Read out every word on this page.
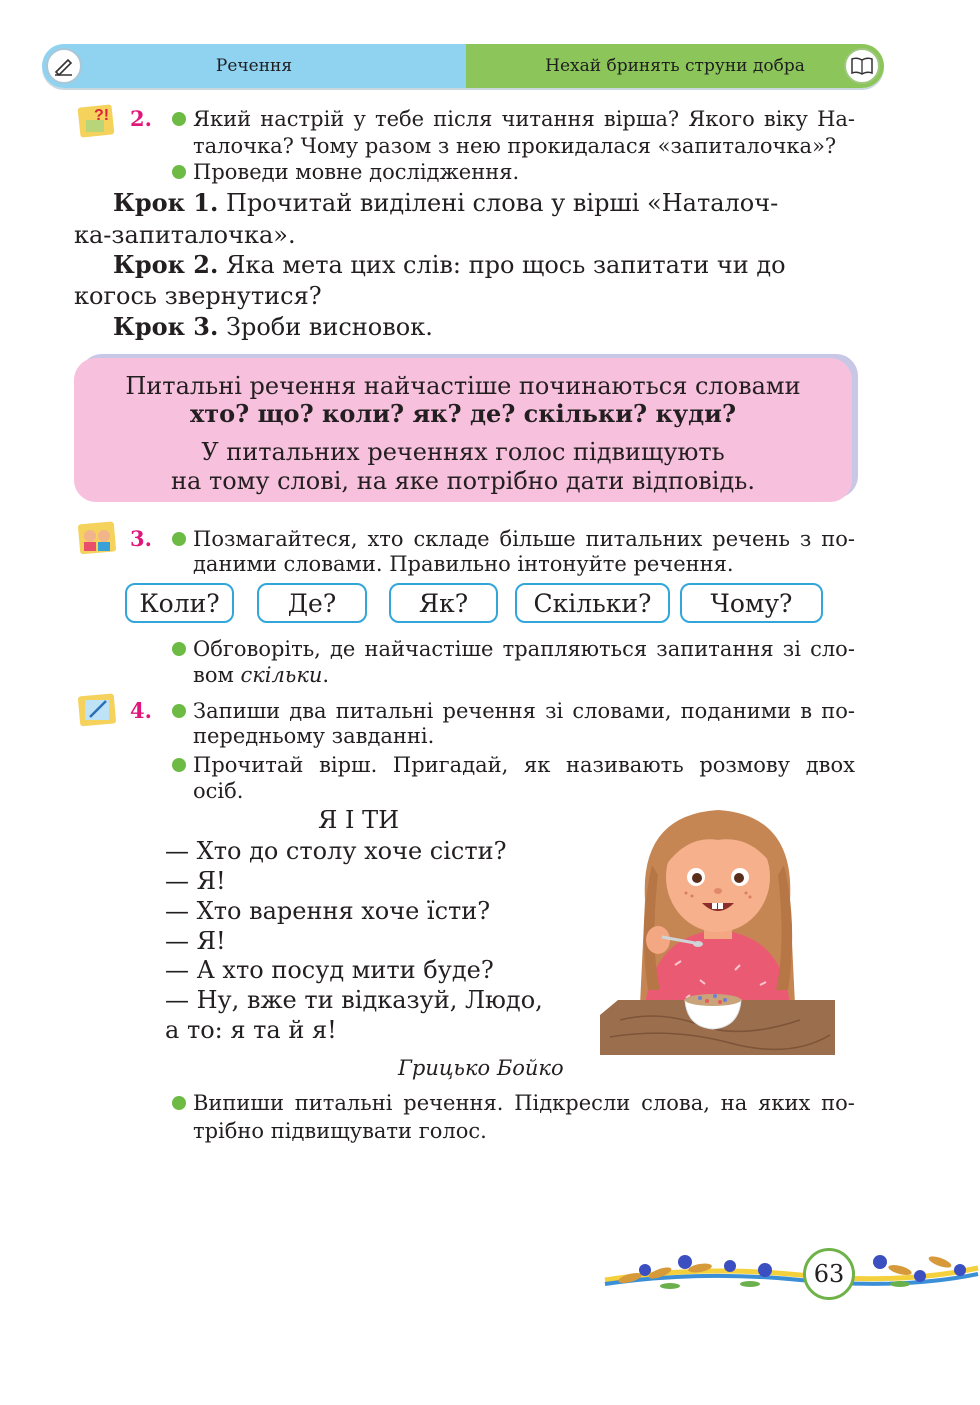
Речення	Нехай бринять струни добра
?! 2. Який настрій у тебе після читання вірша? Якого віку На-
талочка? Чому разом з нею прокидалася «запиталочка»?
Проведи мовне дослідження.
Крок 1. Прочитай виділені слова у вірші «Наталоч-
ка-запиталочка».
Крок 2. Яка мета цих слів: про щось запитати чи до
когось звернутися?
Крок 3. Зроби висновок.
Питальні речення найчастіше починаються словами
хто? що? коли? як? де? скільки? куди?
У питальних реченнях голос підвищують
на тому слові, на яке потрібно дати відповідь.
3. Позмагайтеся, хто складе більше питальних речень з по-
даними словами. Правильно інтонуйте речення.
Коли?	Де?	Як?	Скільки?	Чому?
Обговоріть, де найчастіше трапляються запитання зі сло-
вом скільки.
4. Запиши два питальні речення зі словами, поданими в по-
передньому завданні.
Прочитай вірш. Пригадай, як називають розмову двох
осіб.
Я І ТИ
— Хто до столу хоче сісти?
— Я!
— Хто варення хоче їсти?
— Я!
— А хто посуд мити буде?
— Ну, вже ти відказуй, Людо,
а то: я та й я!
Грицько Бойко
Випиши питальні речення. Підкресли слова, на яких по-
трібно підвищувати голос.
63
